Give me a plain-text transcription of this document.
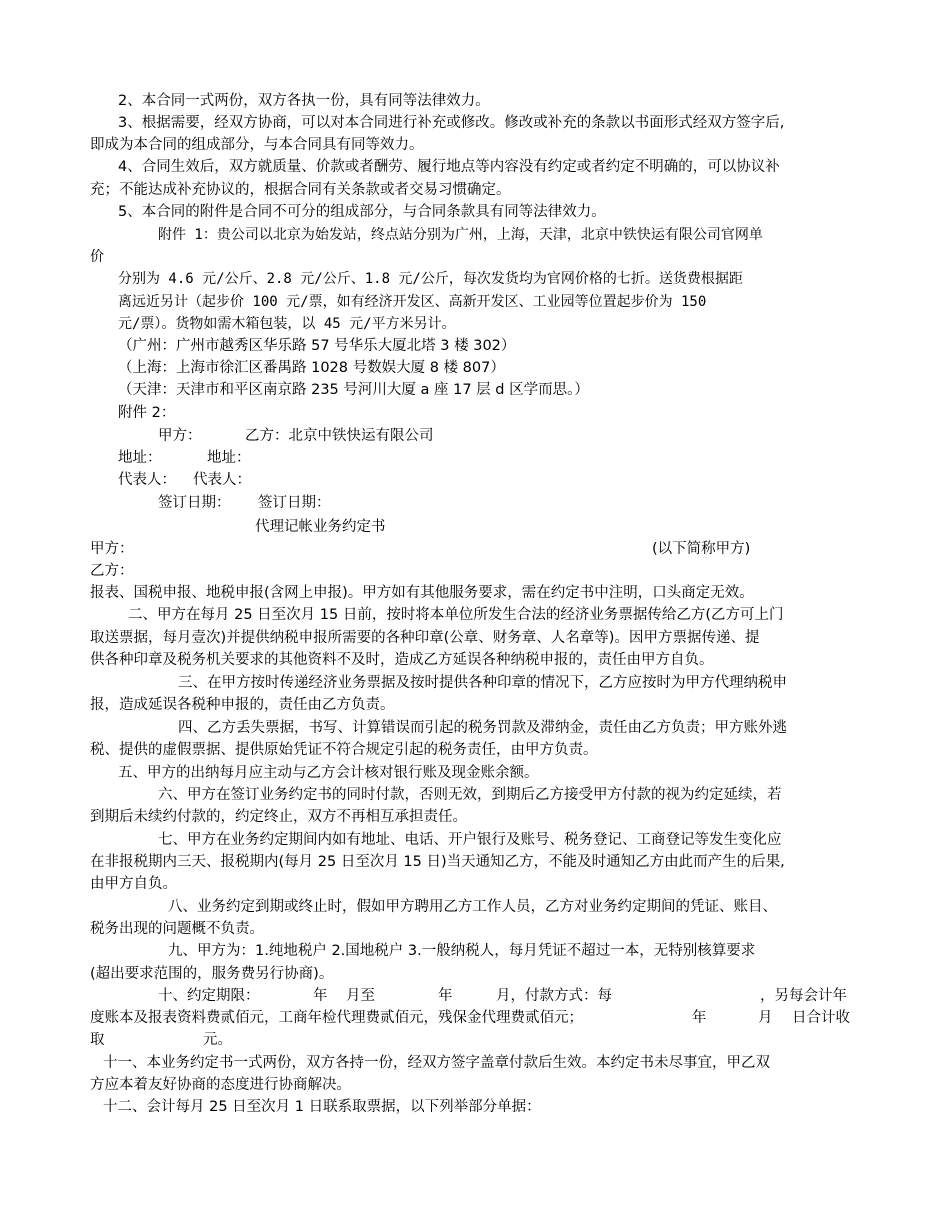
2、本合同一式两份，双方各执一份，具有同等法律效力。
3、根据需要，经双方协商，可以对本合同进行补充或修改。修改或补充的条款以书面形式经双方签字后,
即成为本合同的组成部分，与本合同具有同等效力。
4、合同生效后，双方就质量、价款或者酬劳、履行地点等内容没有约定或者约定不明确的，可以协议补
充；不能达成补充协议的，根据合同有关条款或者交易习惯确定。
5、本合同的附件是合同不可分的组成部分，与合同条款具有同等法律效力。
附件 1：贵公司以北京为始发站，终点站分别为广州，上海，天津，北京中铁快运有限公司官网单
价
分别为 4.6 元/公斤、2.8 元/公斤、1.8 元/公斤，每次发货均为官网价格的七折。送货费根据距
离远近另计（起步价 100 元/票，如有经济开发区、高新开发区、工业园等位置起步价为 150
元/票）。货物如需木箱包装，以 45 元/平方米另计。
（广州：广州市越秀区华乐路 57 号华乐大厦北塔 3 楼 302）
（上海：上海市徐汇区番禺路 1028 号数娱大厦 8 楼 807）
（天津：天津市和平区南京路 235 号河川大厦 a 座 17 层 d 区学而思。）
附件 2：
甲方：	乙方：北京中铁快运有限公司
地址：	地址：
代表人： 代表人：
签订日期： 签订日期：
代理记帐业务约定书
甲方：	(以下简称甲方)
乙方：
报表、国税申报、地税申报(含网上申报)。甲方如有其他服务要求，需在约定书中注明，口头商定无效。
二、甲方在每月 25 日至次月 15 日前，按时将本单位所发生合法的经济业务票据传给乙方(乙方可上门
取送票据，每月壹次)并提供纳税申报所需要的各种印章(公章、财务章、人名章等)。因甲方票据传递、提
供各种印章及税务机关要求的其他资料不及时，造成乙方延误各种纳税申报的，责任由甲方自负。
三、在甲方按时传递经济业务票据及按时提供各种印章的情况下，乙方应按时为甲方代理纳税申
报，造成延误各税种申报的，责任由乙方负责。
四、乙方丢失票据，书写、计算错误而引起的税务罚款及滞纳金，责任由乙方负责；甲方账外逃
税、提供的虚假票据、提供原始凭证不符合规定引起的税务责任，由甲方负责。
五、甲方的出纳每月应主动与乙方会计核对银行账及现金账余额。
六、甲方在签订业务约定书的同时付款，否则无效，到期后乙方接受甲方付款的视为约定延续，若
到期后未续约付款的，约定终止，双方不再相互承担责任。
七、甲方在业务约定期间内如有地址、电话、开户银行及账号、税务登记、工商登记等发生变化应
在非报税期内三天、报税期内(每月 25 日至次月 15 日)当天通知乙方，不能及时通知乙方由此而产生的后果,
由甲方自负。
八、业务约定到期或终止时，假如甲方聘用乙方工作人员，乙方对业务约定期间的凭证、账目、
税务出现的问题概不负责。
九、甲方为：1.纯地税户 2.国地税户 3.一般纳税人，每月凭证不超过一本，无特别核算要求
(超出要求范围的，服务费另行协商)。
十、约定期限：	年 月至	年	月，付款方式：每	，另每会计年
度账本及报表资料费贰佰元，工商年检代理费贰佰元，残保金代理费贰佰元；	年	月 日合计收
取	元。
十一、本业务约定书一式两份，双方各持一份，经双方签字盖章付款后生效。本约定书未尽事宜，甲乙双
方应本着友好协商的态度进行协商解决。
十二、会计每月 25 日至次月 1 日联系取票据，以下列举部分单据：
